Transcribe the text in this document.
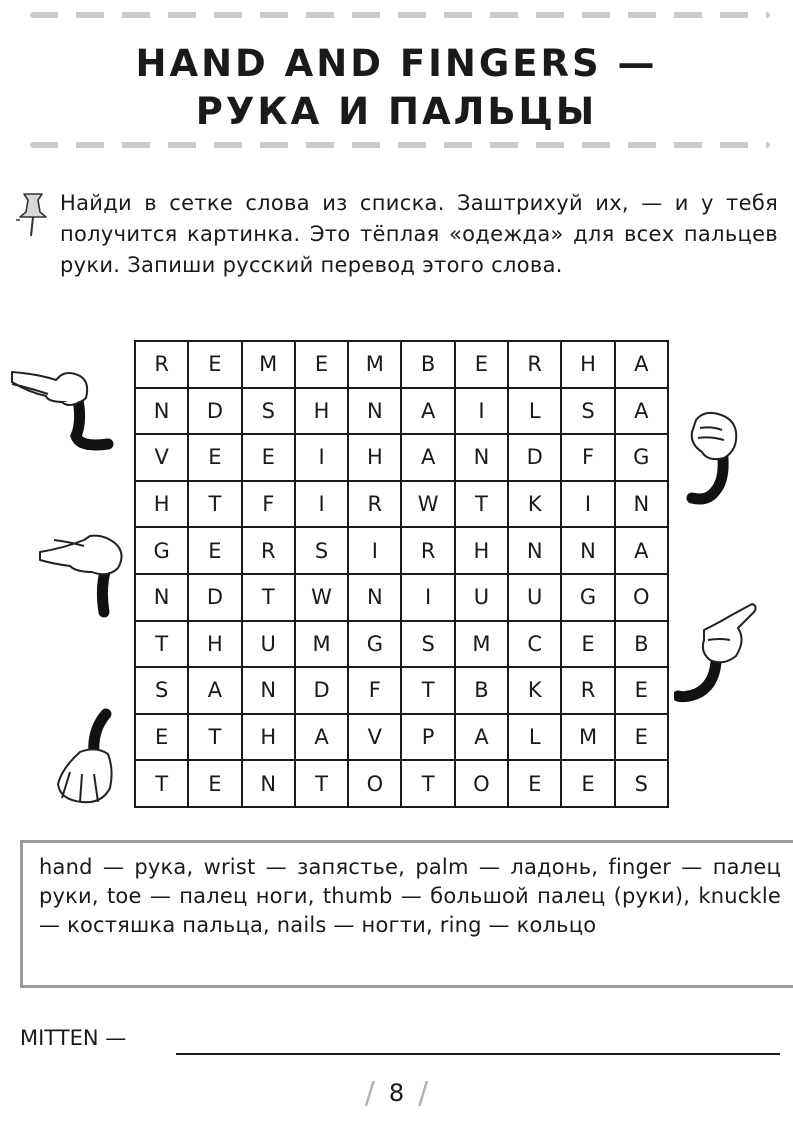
HAND AND FINGERS —
РУКА И ПАЛЬЦЫ
Найди в сетке слова из списка. Заштрихуй их, — и у тебя получится картинка. Это тёплая «одежда» для всех пальцев руки. Запиши русский перевод этого слова.
R	E	M	E	M	B	E	R	H	A
N	D	S	H	N	A	I	L	S	A
V	E	E	I	H	A	N	D	F	G
H	T	F	I	R	W	T	K	I	N
G	E	R	S	I	R	H	N	N	A
N	D	T	W	N	I	U	U	G	O
T	H	U	M	G	S	M	C	E	B
S	A	N	D	F	T	B	K	R	E
E	T	H	A	V	P	A	L	M	E
T	E	N	T	O	T	O	E	E	S
hand — рука, wrist — запястье, palm — ладонь, finger — палец руки, toe — палец ноги, thumb — большой палец (руки), knuckle — костяшка пальца, nails — ногти, ring — кольцо
MITTEN —
/ 8 /
